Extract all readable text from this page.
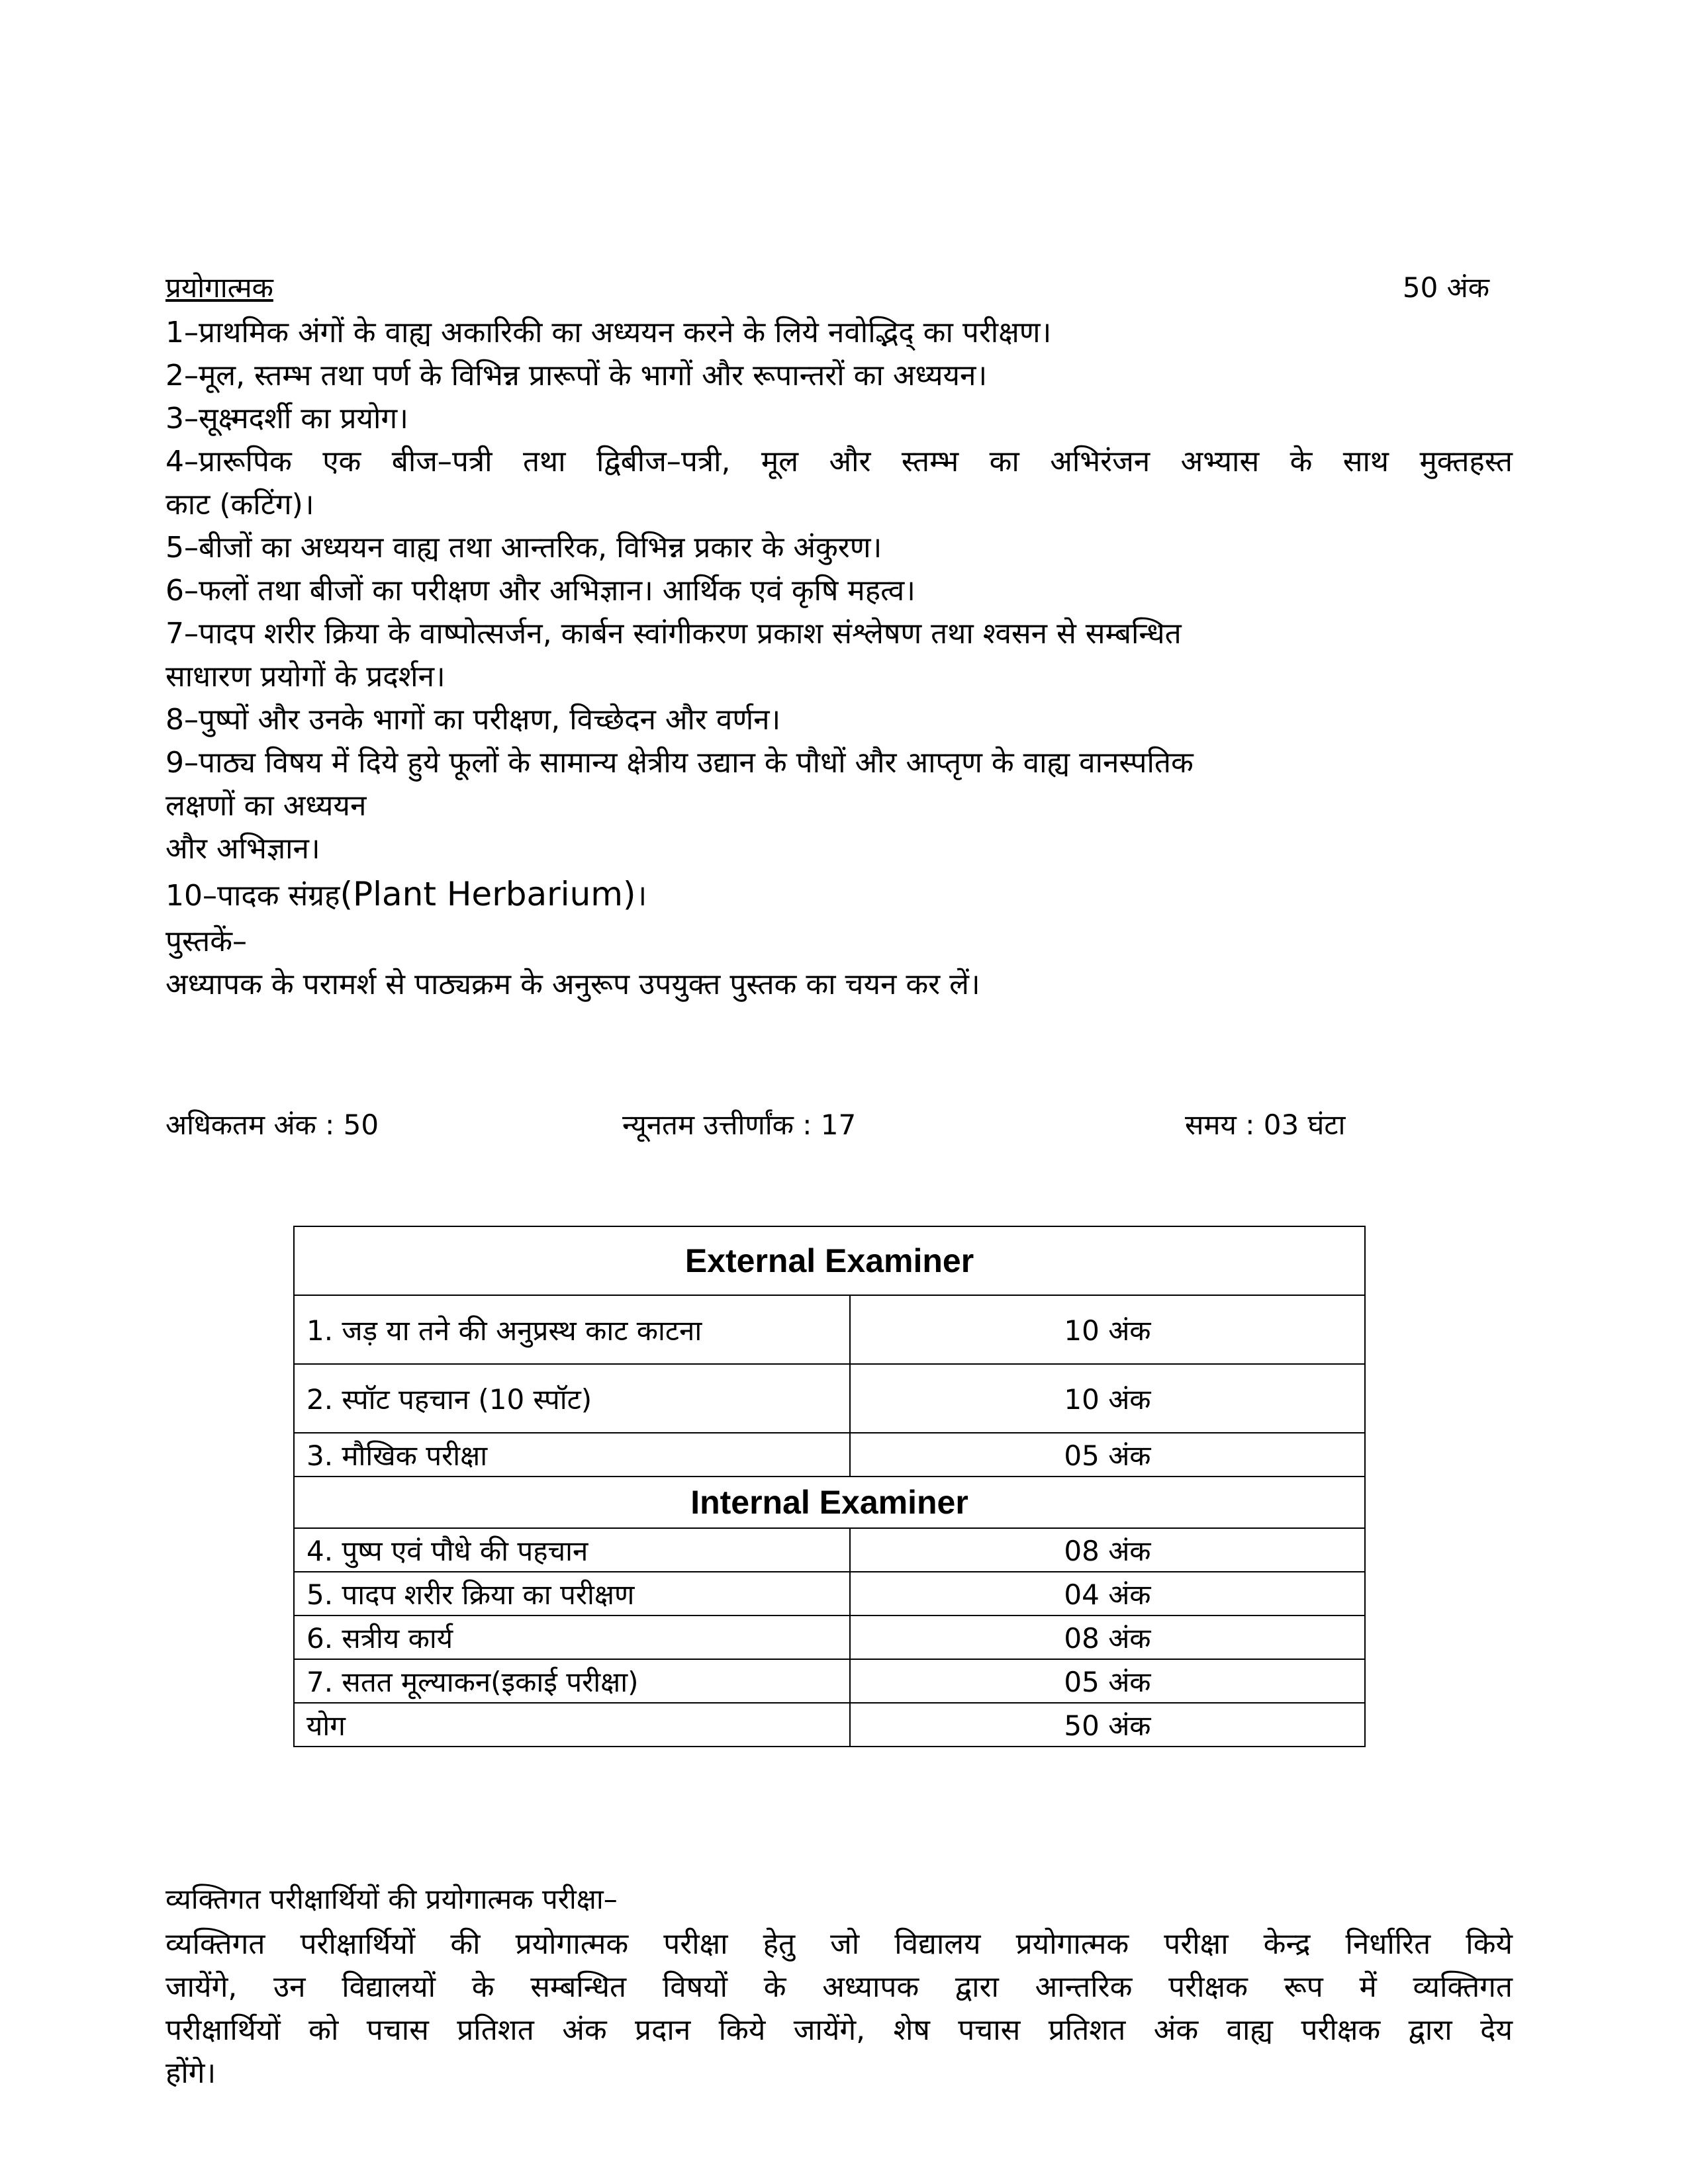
प्रयोगात्मक	50 अंक
1–प्राथमिक अंगों के वाह्य अकारिकी का अध्ययन करने के लिये नवोद्भिद् का परीक्षण।
2–मूल, स्तम्भ तथा पर्ण के विभिन्न प्रारूपों के भागों और रूपान्तरों का अध्ययन।
3–सूक्ष्मदर्शी का प्रयोग।
4–प्रारूपिक एक बीज–पत्री तथा द्विबीज–पत्री, मूल और स्तम्भ का अभिरंजन अभ्यास के साथ मुक्तहस्त
काट (कटिंग)।
5–बीजों का अध्ययन वाह्य तथा आन्तरिक, विभिन्न प्रकार के अंकुरण।
6–फलों तथा बीजों का परीक्षण और अभिज्ञान। आर्थिक एवं कृषि महत्व।
7–पादप शरीर क्रिया के वाष्पोत्सर्जन, कार्बन स्वांगीकरण प्रकाश संश्लेषण तथा श्वसन से सम्बन्धित
साधारण प्रयोगों के प्रदर्शन।
8–पुष्पों और उनके भागों का परीक्षण, विच्छेदन और वर्णन।
9–पाठ्य विषय में दिये हुये फूलों के सामान्य क्षेत्रीय उद्यान के पौधों और आप्तृण के वाह्य वानस्पतिक
लक्षणों का अध्ययन
और अभिज्ञान।
10–पादक संग्रह(Plant Herbarium)।
पुस्तकें–
अध्यापक के परामर्श से पाठ्यक्रम के अनुरूप उपयुक्त पुस्तक का चयन कर लें।
अधिकतम अंक : 50	न्यूनतम उत्तीर्णांक : 17	समय : 03 घंटा
External Examiner	
1. जड़ या तने की अनुप्रस्थ काट काटना	10 अंक
2. स्पॉट पहचान (10 स्पॉट)	10 अंक
3. मौखिक परीक्षा	05 अंक
Internal Examiner	
4. पुष्प एवं पौधे की पहचान	08 अंक
5. पादप शरीर क्रिया का परीक्षण	04 अंक
6. सत्रीय कार्य	08 अंक
7. सतत मूल्याकन(इकाई परीक्षा)	05 अंक
योग	50 अंक
व्यक्तिगत परीक्षार्थियों की प्रयोगात्मक परीक्षा–
व्यक्तिगत परीक्षार्थियों की प्रयोगात्मक परीक्षा हेतु जो विद्यालय प्रयोगात्मक परीक्षा केन्द्र निर्धारित किये
जायेंगे, उन विद्यालयों के सम्बन्धित विषयों के अध्यापक द्वारा आन्तरिक परीक्षक रूप में व्यक्तिगत
परीक्षार्थियों को पचास प्रतिशत अंक प्रदान किये जायेंगे, शेष पचास प्रतिशत अंक वाह्य परीक्षक द्वारा देय
होंगे।
